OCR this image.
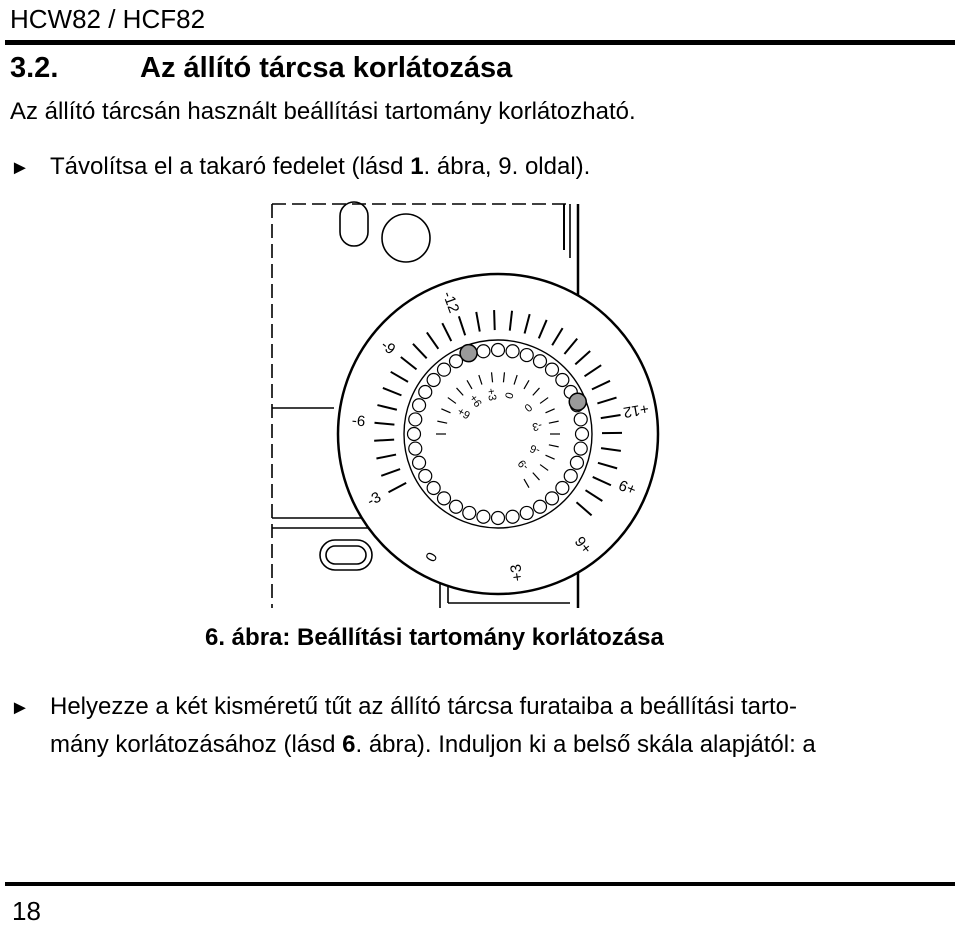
HCW82 / HCF82
3.2.	Az állító tárcsa korlátozása
Az állító tárcsán használt beállítási tartomány korlátozható.
► Távolítsa el a takaró fedelet (lásd 1. ábra, 9. oldal).
-12
-9
-6
-3
0
+3
+6
+9
+12
+3 0
0
-3
-6
-9
+9
+6
6. ábra: Beállítási tartomány korlátozása
► Helyezze a két kisméretű tűt az állító tárcsa furataiba a beállítási tarto-
mány korlátozásához (lásd 6. ábra). Induljon ki a belső skála alapjától: a
18
